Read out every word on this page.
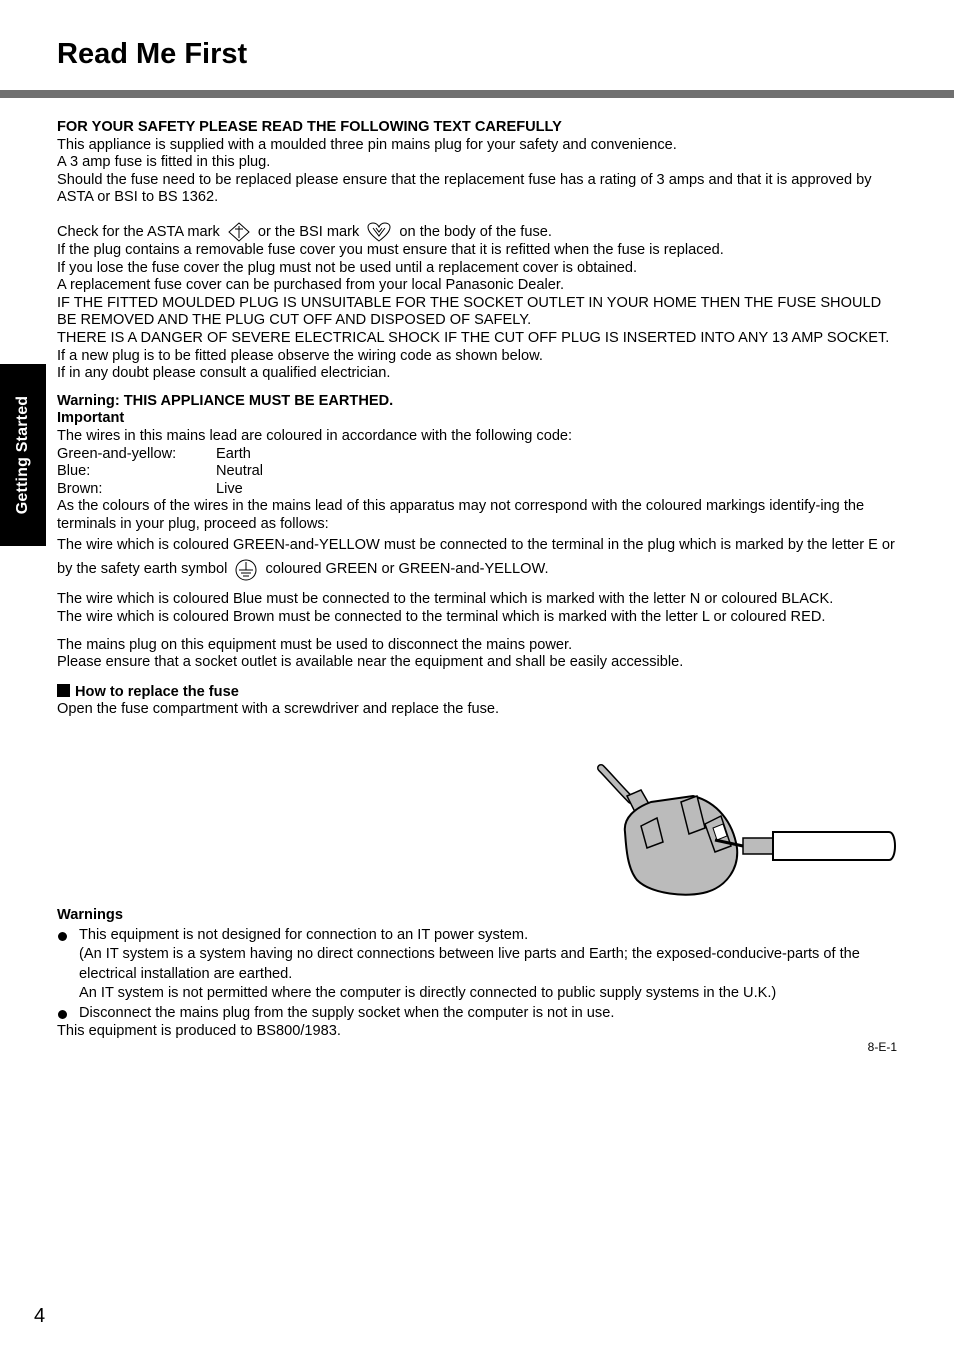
Read Me First
Getting Started

FOR YOUR SAFETY PLEASE READ THE FOLLOWING TEXT CAREFULLY

This appliance is supplied with a moulded three pin mains plug for your safety and convenience.

A 3 amp fuse is fitted in this plug.

Should the fuse need to be replaced please ensure that the replacement fuse has a rating of 3 amps and that it is approved by ASTA or BSI to BS 1362.

Check for the ASTA mark	or the BSI mark	on the body of the fuse.

If the plug contains a removable fuse cover you must ensure that it is refitted when the fuse is replaced.

If you lose the fuse cover the plug must not be used until a replacement cover is obtained.

A replacement fuse cover can be purchased from your local Panasonic Dealer.

IF THE FITTED MOULDED PLUG IS UNSUITABLE FOR THE SOCKET OUTLET IN YOUR HOME THEN THE FUSE SHOULD BE REMOVED AND THE PLUG CUT OFF AND DISPOSED OF SAFELY.

THERE IS A DANGER OF SEVERE ELECTRICAL SHOCK IF THE CUT OFF PLUG IS INSERTED INTO ANY 13 AMP SOCKET.

If a new plug is to be fitted please observe the wiring code as shown below.

If in any doubt please consult a qualified electrician.

Warning: THIS APPLIANCE MUST BE EARTHED.

Important

The wires in this mains lead are coloured in accordance with the following code:

Green-and-yellow:	Earth
Blue:	Neutral
Brown:	Live

As the colours of the wires in the mains lead of this apparatus may not correspond with the coloured markings identify-ing the terminals in your plug, proceed as follows:

The wire which is coloured GREEN-and-YELLOW must be connected to the terminal in the plug which is marked by the letter E or by the safety earth symbol	coloured GREEN or GREEN-and-YELLOW.

The wire which is coloured Blue must be connected to the terminal which is marked with the letter N or coloured BLACK.

The wire which is coloured Brown must be connected to the terminal which is marked with the letter L or coloured RED.

The mains plug on this equipment must be used to disconnect the mains power.

Please ensure that a socket outlet is available near the equipment and shall be easily accessible.

How to replace the fuse

Open the fuse compartment with a screwdriver and replace the fuse.

Warnings

This equipment is not designed for connection to an IT power system.

(An IT system is a system having no direct connections between live parts and Earth; the exposed-conducive-parts of the electrical installation are earthed.

An IT system is not permitted where the computer is directly connected to public supply systems in the U.K.)

Disconnect the mains plug from the supply socket when the computer is not in use.

This equipment is produced to BS800/1983.

8-E-1
4
